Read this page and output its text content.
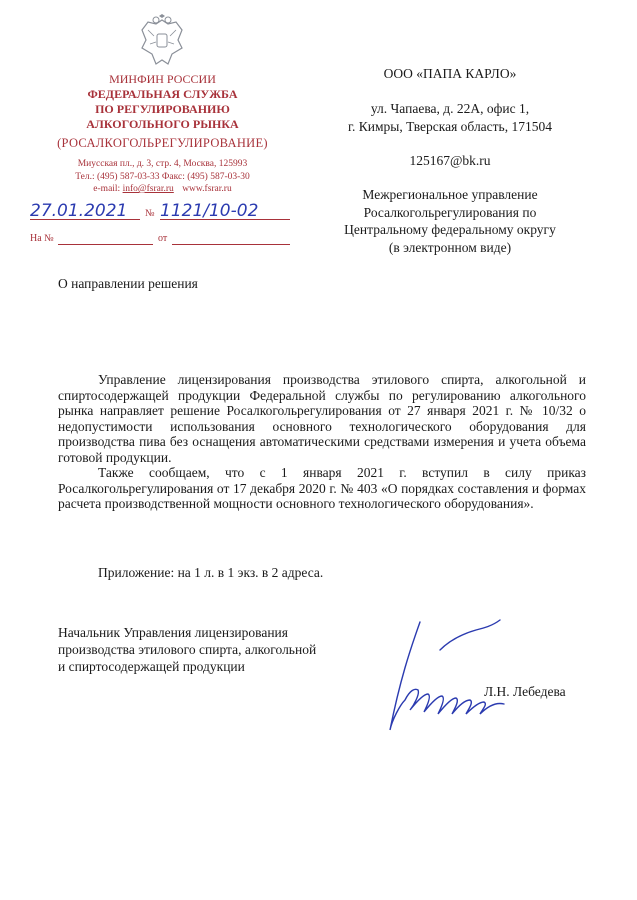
МИНФИН РОССИИ
ФЕДЕРАЛЬНАЯ СЛУЖБА
ПО РЕГУЛИРОВАНИЮ
АЛКОГОЛЬНОГО РЫНКА
(РОСАЛКОГОЛЬРЕГУЛИРОВАНИЕ)
Миусская пл., д. 3, стр. 4, Москва, 125993
Тел.: (495) 587-03-33 Факс: (495) 587-03-30
e-mail: info@fsrar.ru www.fsrar.ru
27.01.2021	№ 1121/10-02
На №	от
ООО «ПАПА КАРЛО»
ул. Чапаева, д. 22А, офис 1,
г. Кимры, Тверская область, 171504
125167@bk.ru
Межрегиональное управление
Росалкогольрегулирования по
Центральному федеральному округу
(в электронном виде)
О направлении решения

Управление лицензирования производства этилового спирта, алкогольной и спиртосодержащей продукции Федеральной службы по регулированию алкогольного рынка направляет решение Росалкогольрегулирования от 27 января 2021 г. № 10/32 о недопустимости использования основного технологического оборудования для производства пива без оснащения автоматическими средствами измерения и учета объема готовой продукции.

Также сообщаем, что с 1 января 2021 г. вступил в силу приказ Росалкогольрегулирования от 17 декабря 2020 г. № 403 «О порядках составления и формах расчета производственной мощности основного технологического оборудования».

Приложение: на 1 л. в 1 экз. в 2 адреса.

Начальник Управления лицензирования
производства этилового спирта, алкогольной
и спиртосодержащей продукции
Л.Н. Лебедева
